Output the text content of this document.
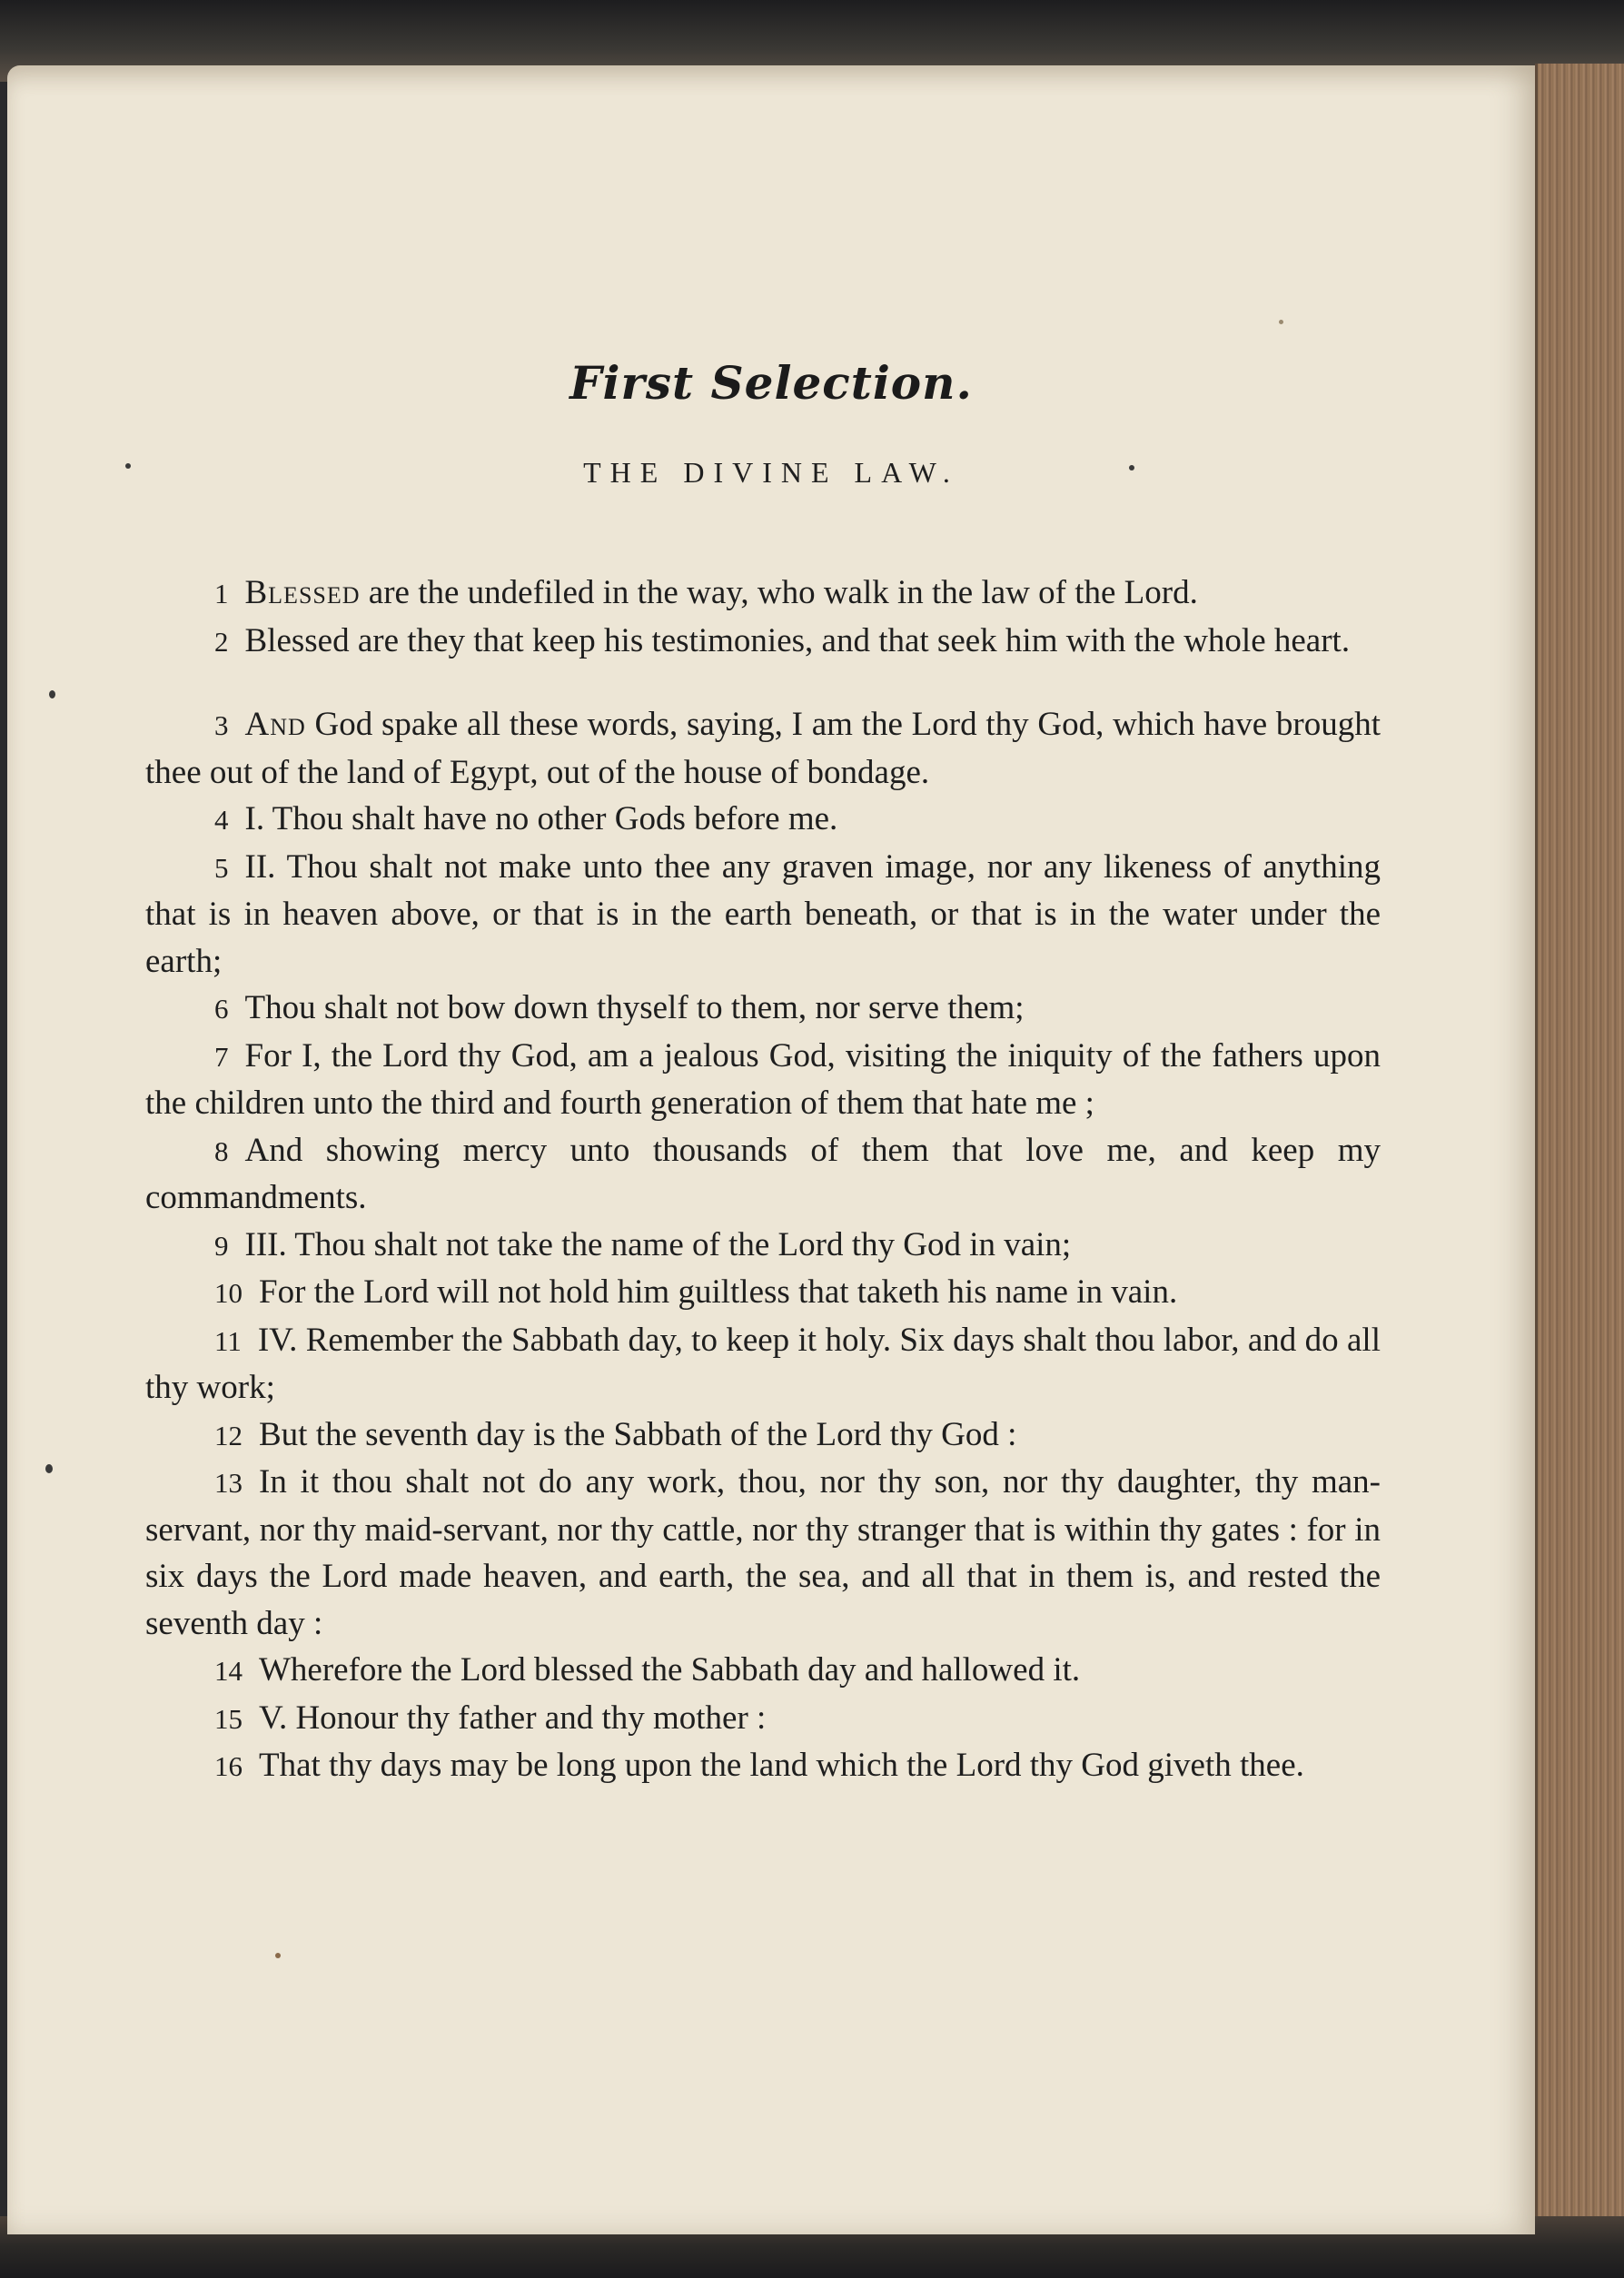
First Selection.
THE DIVINE LAW.

1 Blessed are the undefiled in the way, who walk in the law of the Lord.

2 Blessed are they that keep his testimonies, and that seek him with the whole heart.

3 And God spake all these words, saying, I am the Lord thy God, which have brought thee out of the land of Egypt, out of the house of bondage.

4 I. Thou shalt have no other Gods before me.

5 II. Thou shalt not make unto thee any graven image, nor any likeness of anything that is in heaven above, or that is in the earth beneath, or that is in the water under the earth;

6 Thou shalt not bow down thyself to them, nor serve them;

7 For I, the Lord thy God, am a jealous God, visiting the iniquity of the fathers upon the children unto the third and fourth generation of them that hate me ;

8 And showing mercy unto thousands of them that love me, and keep my commandments.

9 III. Thou shalt not take the name of the Lord thy God in vain;

10 For the Lord will not hold him guiltless that taketh his name in vain.

11 IV. Remember the Sabbath day, to keep it holy. Six days shalt thou labor, and do all thy work;

12 But the seventh day is the Sabbath of the Lord thy God :

13 In it thou shalt not do any work, thou, nor thy son, nor thy daughter, thy man-servant, nor thy maid-servant, nor thy cattle, nor thy stranger that is within thy gates : for in six days the Lord made heaven, and earth, the sea, and all that in them is, and rested the seventh day :

14 Wherefore the Lord blessed the Sabbath day and hallowed it.

15 V. Honour thy father and thy mother :

16 That thy days may be long upon the land which the Lord thy God giveth thee.
